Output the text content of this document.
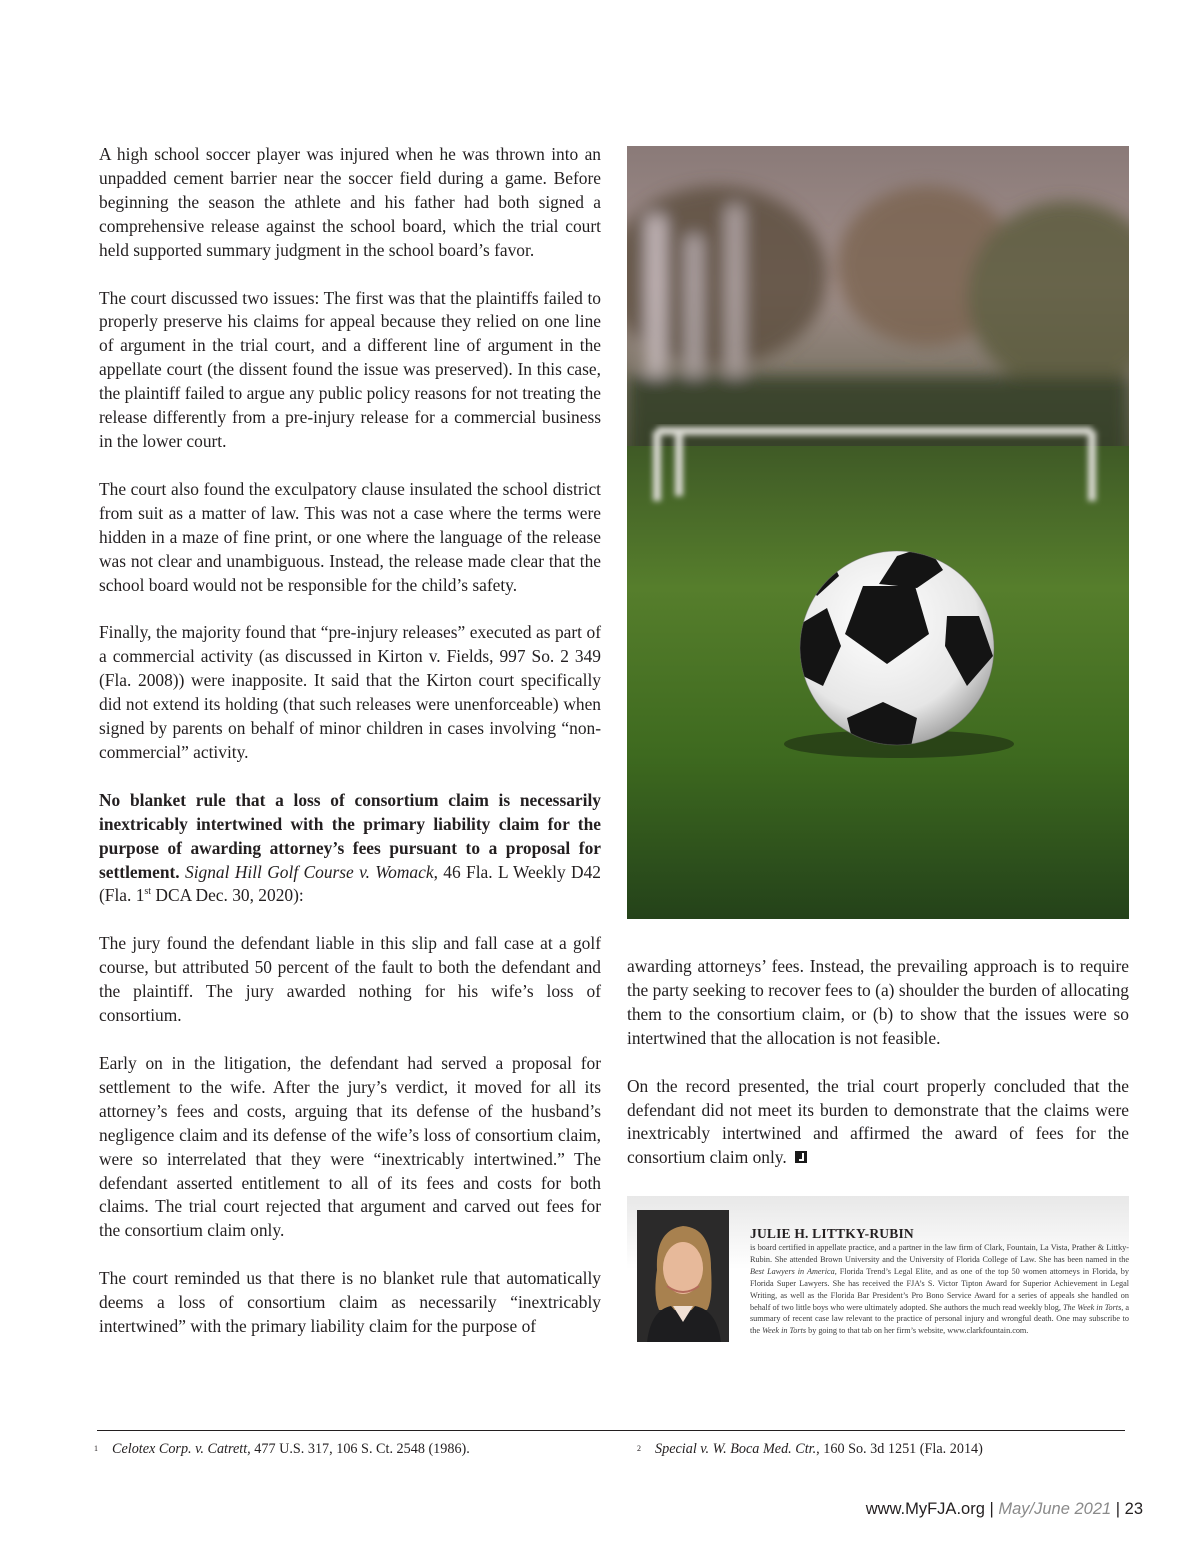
A high school soccer player was injured when he was thrown into an unpadded cement barrier near the soccer field during a game. Before beginning the season the athlete and his father had both signed a comprehensive release against the school board, which the trial court held supported summary judgment in the school board’s favor.

The court discussed two issues: The first was that the plaintiffs failed to properly preserve his claims for appeal because they relied on one line of argument in the trial court, and a different line of argument in the appellate court (the dissent found the issue was preserved). In this case, the plaintiff failed to argue any public policy reasons for not treating the release differently from a pre-injury release for a commercial business in the lower court.

The court also found the exculpatory clause insulated the school district from suit as a matter of law. This was not a case where the terms were hidden in a maze of fine print, or one where the language of the release was not clear and unambiguous. Instead, the release made clear that the school board would not be responsible for the child’s safety.

Finally, the majority found that “pre-injury releases” executed as part of a commercial activity (as discussed in Kirton v. Fields, 997 So. 2 349 (Fla. 2008)) were inapposite. It said that the Kirton court specifically did not extend its holding (that such releases were unenforceable) when signed by parents on behalf of minor children in cases involving “non-commercial” activity.

No blanket rule that a loss of consortium claim is necessarily inextricably intertwined with the primary liability claim for the purpose of awarding attorney’s fees pursuant to a proposal for settlement. Signal Hill Golf Course v. Womack, 46 Fla. L Weekly D42 (Fla. 1st DCA Dec. 30, 2020):

The jury found the defendant liable in this slip and fall case at a golf course, but attributed 50 percent of the fault to both the defendant and the plaintiff. The jury awarded nothing for his wife’s loss of consortium.

Early on in the litigation, the defendant had served a proposal for settlement to the wife. After the jury’s verdict, it moved for all its attorney’s fees and costs, arguing that its defense of the husband’s negligence claim and its defense of the wife’s loss of consortium claim, were so interrelated that they were “inextricably intertwined.” The defendant asserted entitlement to all of its fees and costs for both claims. The trial court rejected that argument and carved out fees for the consortium claim only.

The court reminded us that there is no blanket rule that automatically deems a loss of consortium claim as necessarily “inextricably intertwined” with the primary liability claim for the purpose of

awarding attorneys’ fees. Instead, the prevailing approach is to require the party seeking to recover fees to (a) shoulder the burden of allocating them to the consortium claim, or (b) to show that the issues were so intertwined that the allocation is not feasible.

On the record presented, the trial court properly concluded that the defendant did not meet its burden to demonstrate that the claims were inextricably intertwined and affirmed the award of fees for the consortium claim only.

JULIE H. LITTKY-RUBIN
is board certified in appellate practice, and a partner in the law firm of Clark, Fountain, La Vista, Prather & Littky-Rubin. She attended Brown University and the University of Florida College of Law. She has been named in the Best Lawyers in America, Florida Trend’s Legal Elite, and as one of the top 50 women attorneys in Florida, by Florida Super Lawyers. She has received the FJA’s S. Victor Tipton Award for Superior Achievement in Legal Writing, as well as the Florida Bar President’s Pro Bono Service Award for a series of appeals she handled on behalf of two little boys who were ultimately adopted. She authors the much read weekly blog, The Week in Torts, a summary of recent case law relevant to the practice of personal injury and wrongful death. One may subscribe to the Week in Torts by going to that tab on her firm’s website, www.clarkfountain.com.
$^1$ Celotex Corp. v. Catrett, 477 U.S. 317, 106 S. Ct. 2548 (1986).	$^2$ Special v. W. Boca Med. Ctr., 160 So. 3d 1251 (Fla. 2014)
www.MyFJA.org | May/June 2021 | 23
